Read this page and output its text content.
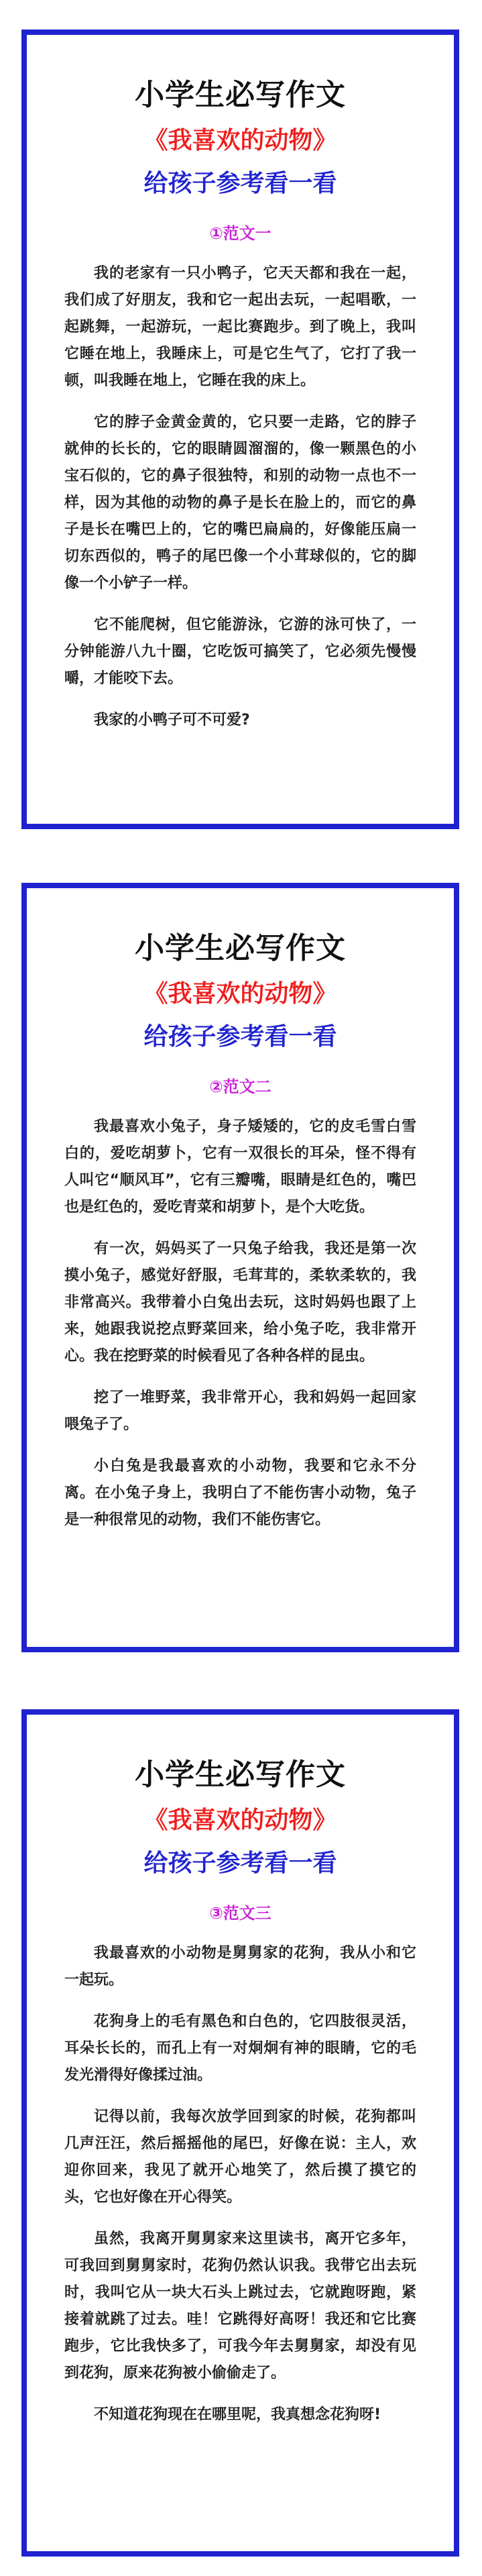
小学生必写作文
《我喜欢的动物》
给孩子参考看一看
①范文一

我的老家有一只小鸭子，它天天都和我在一起，我们成了好朋友，我和它一起出去玩，一起唱歌，一起跳舞，一起游玩，一起比赛跑步。到了晚上，我叫它睡在地上，我睡床上，可是它生气了，它打了我一顿，叫我睡在地上，它睡在我的床上。

它的脖子金黄金黄的，它只要一走路，它的脖子就伸的长长的，它的眼睛圆溜溜的，像一颗黑色的小宝石似的，它的鼻子很独特，和别的动物一点也不一样，因为其他的动物的鼻子是长在脸上的，而它的鼻子是长在嘴巴上的，它的嘴巴扁扁的，好像能压扁一切东西似的，鸭子的尾巴像一个小茸球似的，它的脚像一个小铲子一样。

它不能爬树，但它能游泳，它游的泳可快了，一分钟能游八九十圈，它吃饭可搞笑了，它必须先慢慢嚼，才能咬下去。

我家的小鸭子可不可爱?

小学生必写作文
《我喜欢的动物》
给孩子参考看一看
②范文二

我最喜欢小兔子，身子矮矮的，它的皮毛雪白雪白的，爱吃胡萝卜，它有一双很长的耳朵，怪不得有人叫它“顺风耳”，它有三瓣嘴，眼睛是红色的，嘴巴也是红色的，爱吃青菜和胡萝卜，是个大吃货。

有一次，妈妈买了一只兔子给我，我还是第一次摸小兔子，感觉好舒服，毛茸茸的，柔软柔软的，我非常高兴。我带着小白兔出去玩，这时妈妈也跟了上来，她跟我说挖点野菜回来，给小兔子吃，我非常开心。我在挖野菜的时候看见了各种各样的昆虫。

挖了一堆野菜，我非常开心，我和妈妈一起回家喂兔子了。

小白兔是我最喜欢的小动物，我要和它永不分离。在小兔子身上，我明白了不能伤害小动物，兔子是一种很常见的动物，我们不能伤害它。

小学生必写作文
《我喜欢的动物》
给孩子参考看一看
③范文三

我最喜欢的小动物是舅舅家的花狗，我从小和它一起玩。

花狗身上的毛有黑色和白色的，它四肢很灵活，耳朵长长的，而孔上有一对炯炯有神的眼睛，它的毛发光滑得好像揉过油。

记得以前，我每次放学回到家的时候，花狗都叫几声汪汪，然后摇摇他的尾巴，好像在说：主人，欢迎你回来，我见了就开心地笑了，然后摸了摸它的头，它也好像在开心得笑。

虽然，我离开舅舅家来这里读书，离开它多年，可我回到舅舅家时，花狗仍然认识我。我带它出去玩时，我叫它从一块大石头上跳过去，它就跑呀跑，紧接着就跳了过去。哇！它跳得好高呀！我还和它比赛跑步，它比我快多了，可我今年去舅舅家，却没有见到花狗，原来花狗被小偷偷走了。

不知道花狗现在在哪里呢，我真想念花狗呀!
